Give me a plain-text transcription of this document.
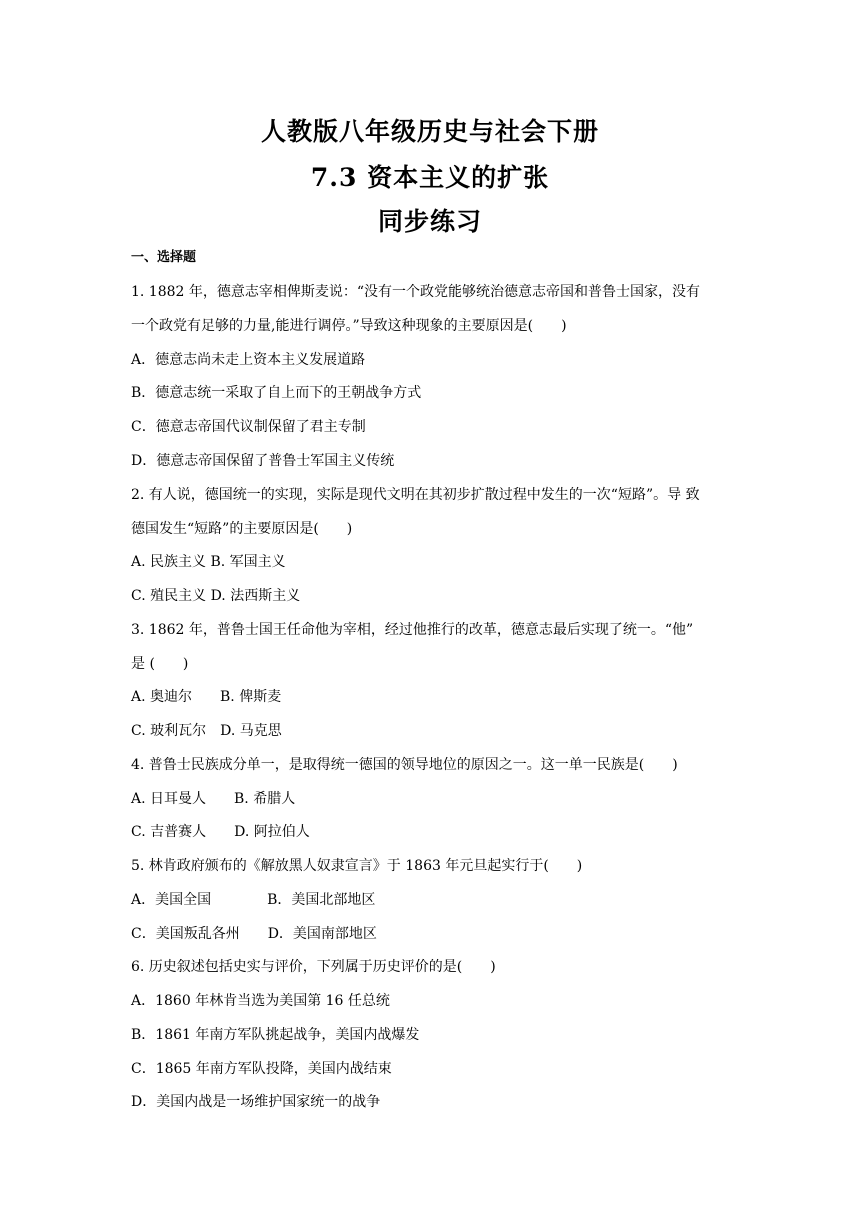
人教版八年级历史与社会下册
7.3 资本主义的扩张
同步练习
一、选择题
1. 1882 年，德意志宰相俾斯麦说：“没有一个政党能够统治德意志帝国和普鲁士国家，没有
一个政党有足够的力量,能进行调停。”导致这种现象的主要原因是(　　)
A．德意志尚未走上资本主义发展道路
B．德意志统一采取了自上而下的王朝战争方式
C．德意志帝国代议制保留了君主专制
D．德意志帝国保留了普鲁士军国主义传统
2. 有人说，德国统一的实现，实际是现代文明在其初步扩散过程中发生的一次“短路”。导 致
德国发生“短路”的主要原因是(　　)
A. 民族主义 B. 军国主义
C. 殖民主义 D. 法西斯主义
3. 1862 年，普鲁士国王任命他为宰相，经过他推行的改革，德意志最后实现了统一。“他”
是 (　　)
A. 奥迪尔　　B. 俾斯麦
C. 玻利瓦尔　D. 马克思
4. 普鲁士民族成分单一，是取得统一德国的领导地位的原因之一。这一单一民族是(　　)
A. 日耳曼人　　B. 希腊人
C. 吉普赛人　　D. 阿拉伯人
5. 林肯政府颁布的《解放黑人奴隶宣言》于 1863 年元旦起实行于(　　)
A．美国全国　　　　B．美国北部地区
C．美国叛乱各州　　D．美国南部地区
6. 历史叙述包括史实与评价，下列属于历史评价的是(　　)
A．1860 年林肯当选为美国第 16 任总统
B．1861 年南方军队挑起战争，美国内战爆发
C．1865 年南方军队投降，美国内战结束
D．美国内战是一场维护国家统一的战争
